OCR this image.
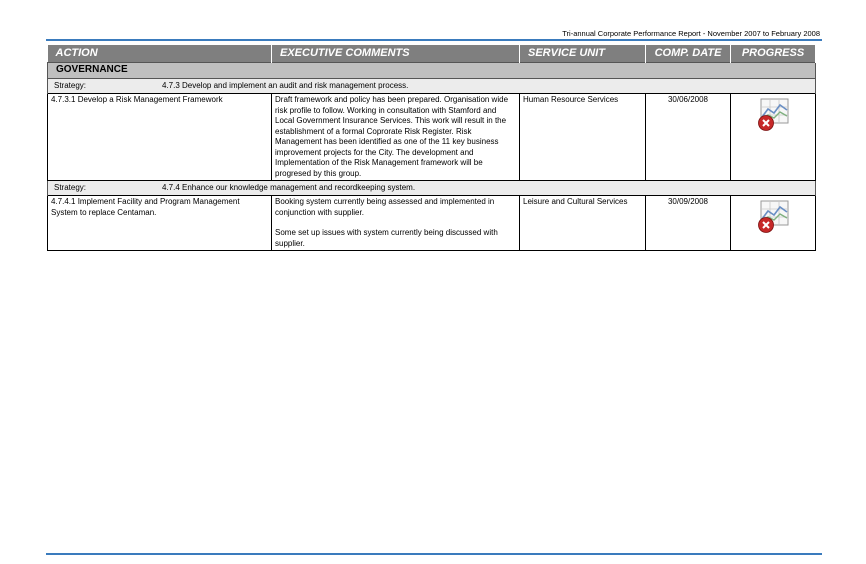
Tri-annual Corporate Performance Report - November 2007 to February 2008
ACTION	EXECUTIVE COMMENTS	SERVICE UNIT	COMP. DATE	PROGRESS
GOVERNANCE				
Strategy: 4.7.3 Develop and implement an audit and risk management process.				
4.7.3.1 Develop a Risk Management Framework	Draft framework and policy has been prepared. Organisation wide risk profile to follow. Working in consultation with Stamford and Local Government Insurance Services. This work will result in the establishment of a formal Coprorate Risk Register. Risk Management has been identified as one of the 11 key business improvement projects for the City. The development and Implementation of the Risk Management framework will be progresed by this group.	Human Resource Services	30/06/2008	
Strategy: 4.7.4 Enhance our knowledge management and recordkeeping system.				
4.7.4.1 Implement Facility and Program Management System to replace Centaman.	Booking system currently being assessed and implemented in conjunction with supplier.
Some set up issues with system currently being discussed with supplier.	Leisure and Cultural Services	30/09/2008	
